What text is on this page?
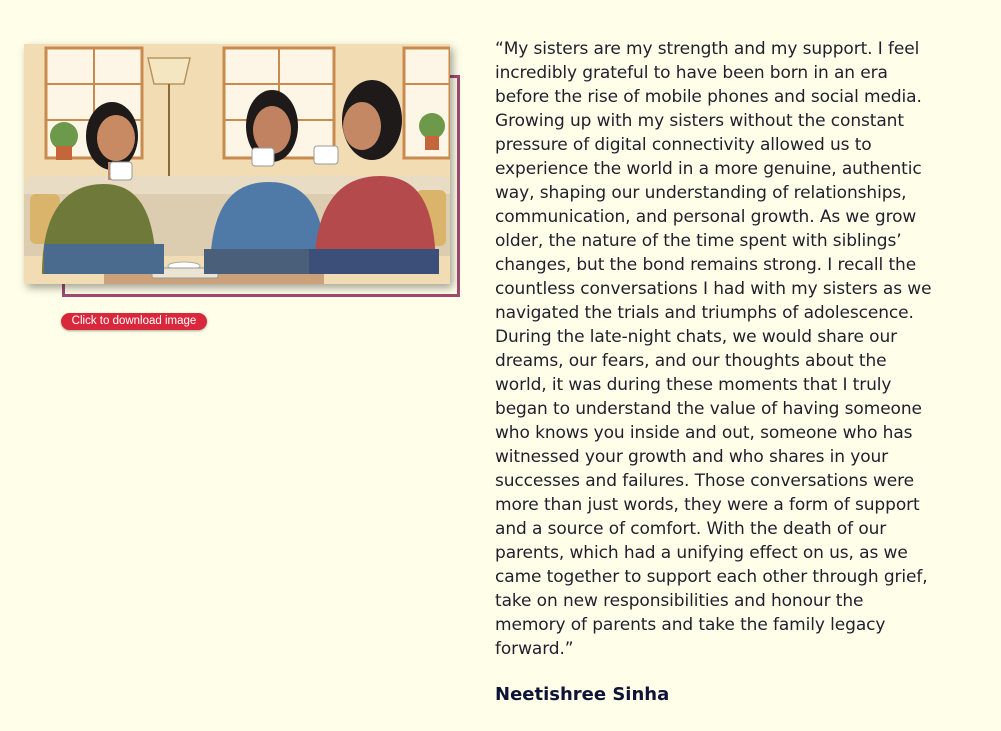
Click to download image

“My sisters are my strength and my support. I feel
incredibly grateful to have been born in an era
before the rise of mobile phones and social media.
Growing up with my sisters without the constant
pressure of digital connectivity allowed us to
experience the world in a more genuine, authentic
way, shaping our understanding of relationships,
communication, and personal growth. As we grow
older, the nature of the time spent with siblings’
changes, but the bond remains strong. I recall the
countless conversations I had with my sisters as we
navigated the trials and triumphs of adolescence.
During the late-night chats, we would share our
dreams, our fears, and our thoughts about the
world, it was during these moments that I truly
began to understand the value of having someone
who knows you inside and out, someone who has
witnessed your growth and who shares in your
successes and failures. Those conversations were
more than just words, they were a form of support
and a source of comfort. With the death of our
parents, which had a unifying effect on us, as we
came together to support each other through grief,
take on new responsibilities and honour the
memory of parents and take the family legacy
forward.”

Neetishree Sinha
